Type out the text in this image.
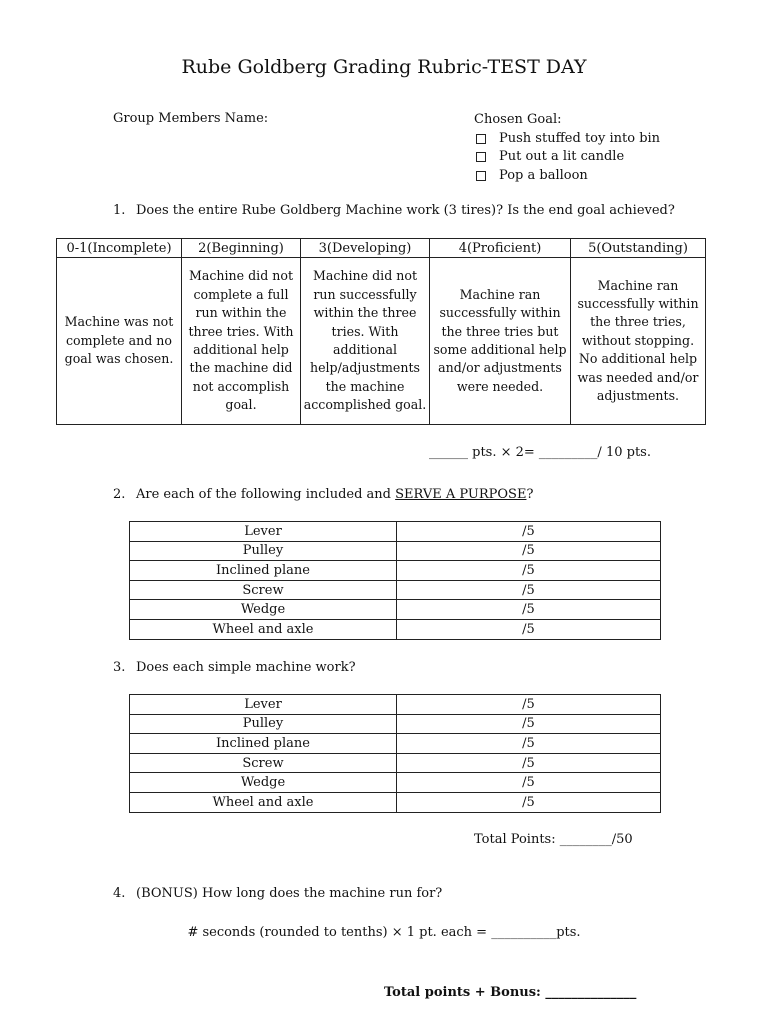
Rube Goldberg Grading Rubric-TEST DAY
Group Members Name:	Chosen Goal:
Push stuffed toy into bin
Put out a lit candle
Pop a balloon
1. Does the entire Rube Goldberg Machine work (3 tires)? Is the end goal achieved?
0-1(Incomplete)	2(Beginning)	3(Developing)	4(Proficient)	5(Outstanding)
Machine was not complete and no goal was chosen.	Machine did not complete a full run within the three tries. With additional help the machine did not accomplish goal.	Machine did not run successfully within the three tries. With additional help/adjustments the machine accomplished goal.	Machine ran successfully within the three tries but some additional help and/or adjustments were needed.	Machine ran successfully within the three tries, without stopping. No additional help was needed and/or adjustments.
______ pts. × 2= _________/ 10 pts.
2. Are each of the following included and SERVE A PURPOSE?
Lever	/5
Pulley	/5
Inclined plane	/5
Screw	/5
Wedge	/5
Wheel and axle	/5
3. Does each simple machine work?
Lever	/5
Pulley	/5
Inclined plane	/5
Screw	/5
Wedge	/5
Wheel and axle	/5
Total Points: ________/50
4. (BONUS) How long does the machine run for?
# seconds (rounded to tenths) × 1 pt. each = __________pts.
Total points + Bonus: ______________
